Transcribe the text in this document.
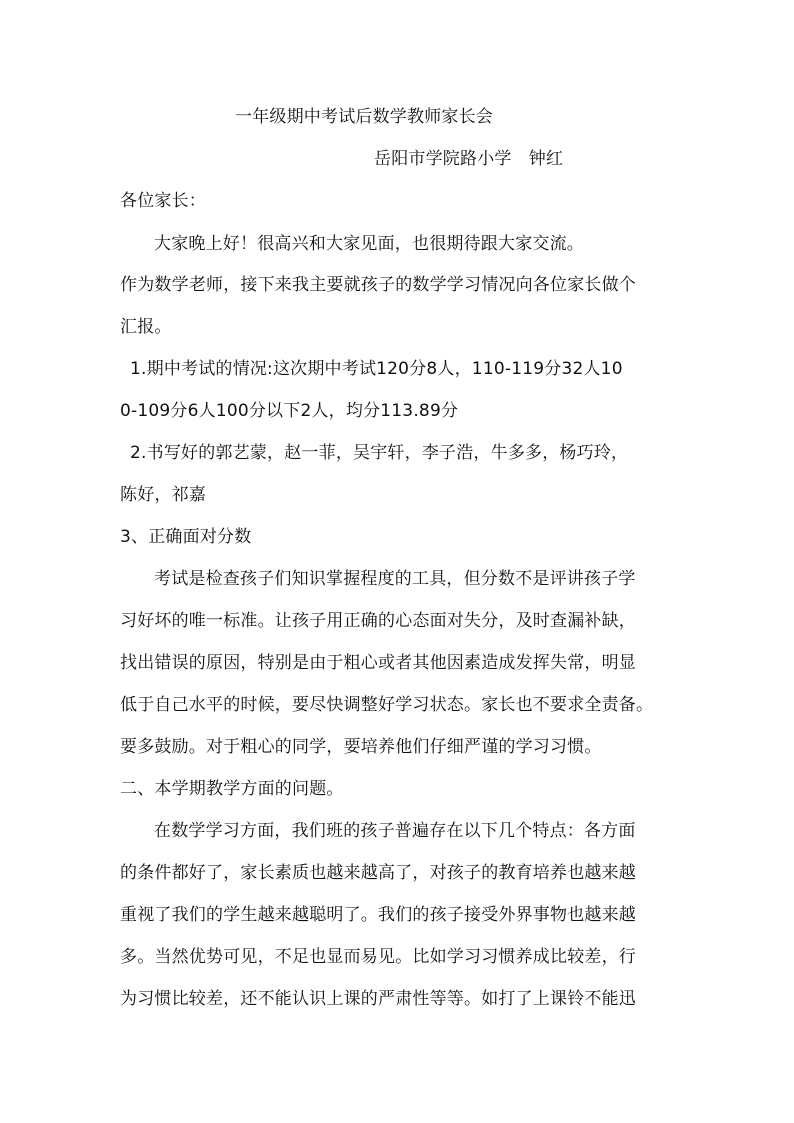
一年级期中考试后数学教师家长会
岳阳市学院路小学　钟红
各位家长：
大家晚上好！很高兴和大家见面，也很期待跟大家交流。
作为数学老师，接下来我主要就孩子的数学学习情况向各位家长做个
汇报。
1.期中考试的情况:这次期中考试120分8人，110-119分32人10
0-109分6人100分以下2人，均分113.89分
2.书写好的郭艺蒙，赵一菲，吴宇轩，李子浩，牛多多，杨巧玲，
陈好，祁嘉
3、正确面对分数
考试是检查孩子们知识掌握程度的工具，但分数不是评讲孩子学
习好坏的唯一标准。让孩子用正确的心态面对失分，及时查漏补缺，
找出错误的原因，特别是由于粗心或者其他因素造成发挥失常，明显
低于自己水平的时候，要尽快调整好学习状态。家长也不要求全责备。
要多鼓励。对于粗心的同学，要培养他们仔细严谨的学习习惯。
二、本学期教学方面的问题。
在数学学习方面，我们班的孩子普遍存在以下几个特点：各方面
的条件都好了，家长素质也越来越高了，对孩子的教育培养也越来越
重视了我们的学生越来越聪明了。我们的孩子接受外界事物也越来越
多。当然优势可见，不足也显而易见。比如学习习惯养成比较差，行
为习惯比较差，还不能认识上课的严肃性等等。如打了上课铃不能迅
